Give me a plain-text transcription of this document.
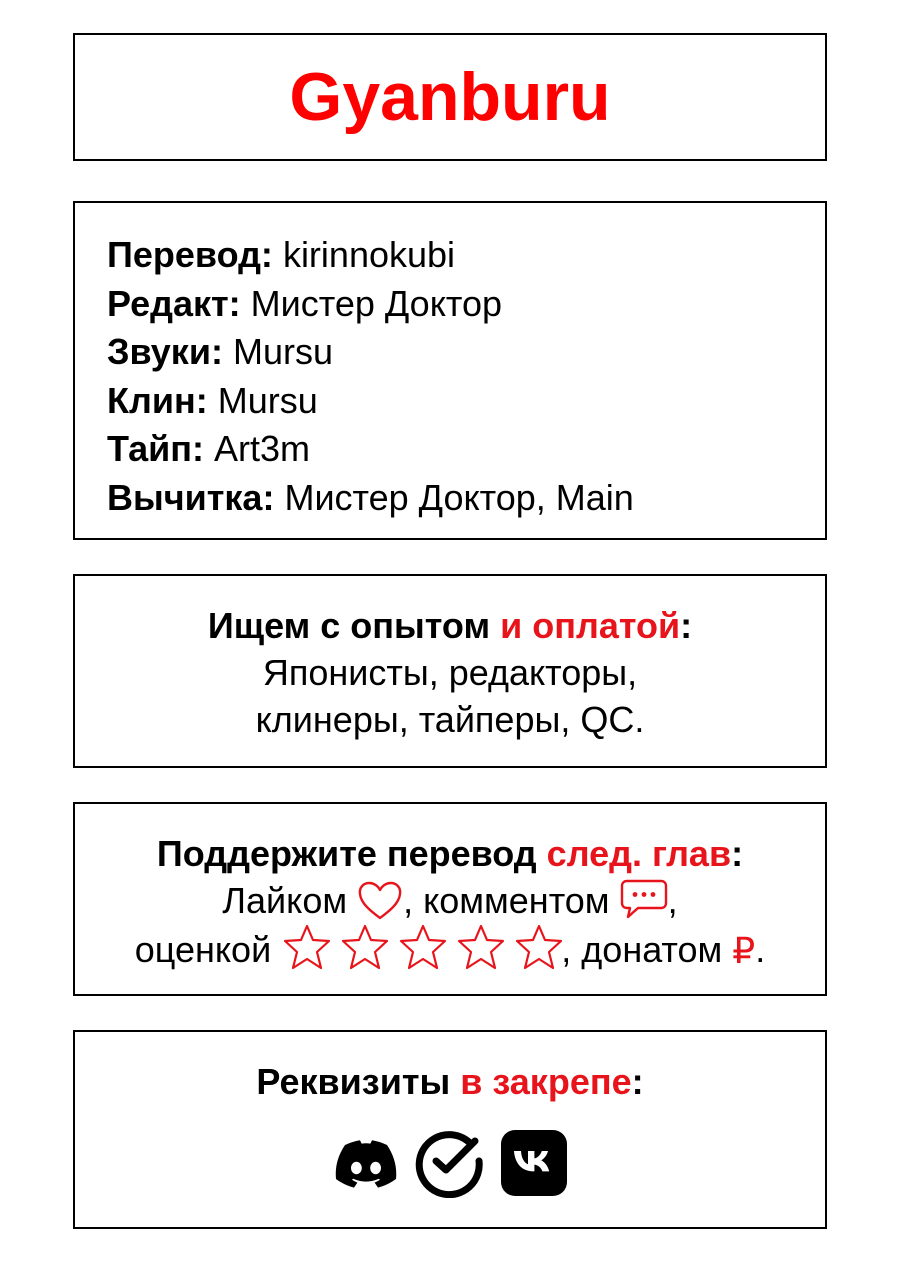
Gyanburu
Перевод: kirinnokubi
Редакт: Мистер Доктор
Звуки: Mursu
Клин: Mursu
Тайп: Art3m
Вычитка: Мистер Доктор, Main
Ищем с опытом и оплатой:
Японисты, редакторы,
клинеры, тайперы, QC.
Поддержите перевод след. глав:
Лайком , комментом ,
оценкой	, донатом ₽.
Реквизиты в закрепе:
